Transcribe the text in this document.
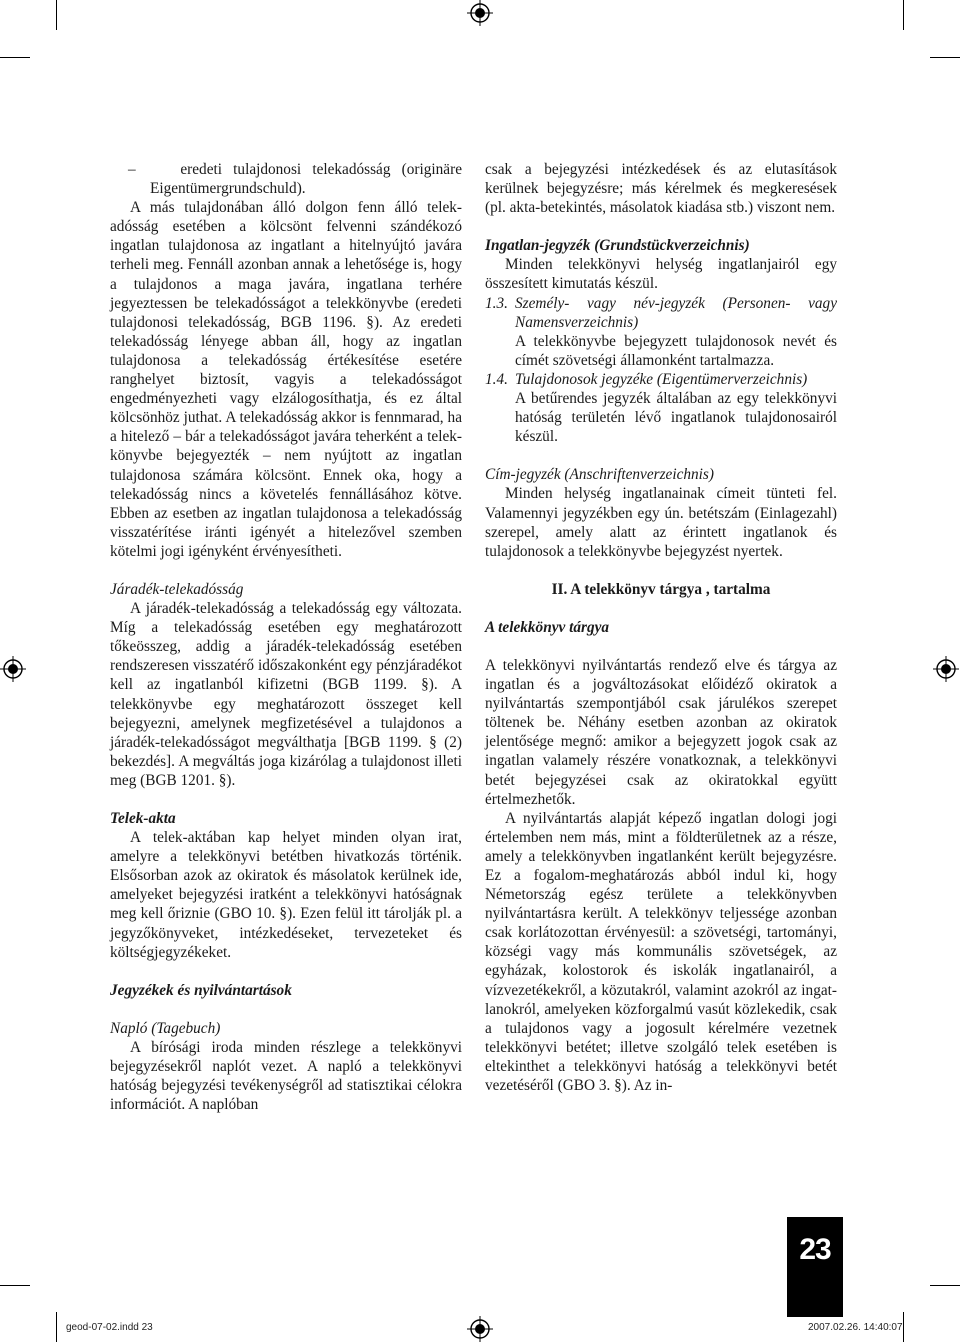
–    eredeti tulajdonosi telekadósság (originäre Eigentümergrundschuld).

A más tulajdonában álló dolgon fenn álló telekadósság esetében a kölcsönt felvenni szándékozó ingatlan tulajdonosa az ingatlant a hitelnyújtó javára terheli meg. Fennáll azonban annak a lehetősége is, hogy a tulajdonos a maga javára, ingatlana terhére jegyeztessen be telekadósságot a telekkönyvbe (eredeti tulajdonosi telekadósság, BGB 1196. §). Az eredeti telekadósság lényege abban áll, hogy az ingatlan tulajdonosa a telekadósság értékesítése esetére ranghelyet biztosít, vagyis a telekadósságot engedményezheti vagy elzálogosíthatja, és ez által kölcsönhöz juthat. A telekadósság akkor is fennmarad, ha a hitelező – bár a telekadósságot javára teherként a telekkönyvbe bejegyezték – nem nyújtott az ingatlan tulajdonosa számára kölcsönt. Ennek oka, hogy a telekadósság nincs a követelés fennállásához kötve. Ebben az esetben az ingatlan tulajdonosa a telekadósság visszatérítése iránti igényét a hitelezővel szemben kötelmi jogi igényként érvényesítheti.

Járadék-telekadósság

A járadék-telekadósság a telekadósság egy változata. Míg a telekadósság esetében egy meghatározott tőkeösszeg, addig a járadék-telekadósság esetében rendszeresen visszatérő időszakonként egy pénzjáradékot kell az ingatlanból kifizetni (BGB 1199. §). A telekkönyvbe egy meghatározott összeget kell bejegyezni, amelynek megfizetésével a tulajdonos a járadék-telekadósságot megválthatja [BGB 1199. § (2) bekezdés]. A megváltás joga kizárólag a tulajdonost illeti meg (BGB 1201. §).

Telek-akta

A telek-aktában kap helyet minden olyan irat, amelyre a telekkönyvi betétben hivatkozás történik. Elsősorban azok az okiratok és másolatok kerülnek ide, amelyeket bejegyzési iratként a telekkönyvi hatóságnak meg kell őriznie (GBO 10. §). Ezen felül itt tárolják pl. a jegyzőkönyveket, intézkedéseket, tervezeteket és költségjegyzékeket.

Jegyzékek és nyilvántartások

Napló (Tagebuch)

A bírósági iroda minden részlege a telekkönyvi bejegyzésekről naplót vezet. A napló a telekkönyvi hatóság bejegyzési tevékenységről ad statisztikai célokra információt. A naplóban

csak a bejegyzési intézkedések és az elutasítások kerülnek bejegyzésre; más kérelmek és megkeresések (pl. akta-betekintés, másolatok kiadása stb.) viszont nem.

Ingatlan-jegyzék (Grundstückverzeichnis)

Minden telekkönyvi helység ingatlanjairól egy összesített kimutatás készül.

1.3. Személy- vagy név-jegyzék (Personen- vagy Namensverzeichnis)

A telekkönyvbe bejegyzett tulajdonosok nevét és címét szövetségi államonként tartalmazza.

1.4. Tulajdonosok jegyzéke (Eigentümerverzeichnis)

A betűrendes jegyzék általában az egy telekkönyvi hatóság területén lévő ingatlanok tulajdonosairól készül.

Cím-jegyzék (Anschriftenverzeichnis)

Minden helység ingatlanainak címeit tünteti fel. Valamennyi jegyzékben egy ún. betétszám (Einlagezahl) szerepel, amely alatt az érintett ingatlanok és tulajdonosok a telekkönyvbe bejegyzést nyertek.

II. A telekkönyv tárgya , tartalma

A telekkönyv tárgya

A telekkönyvi nyilvántartás rendező elve és tárgya az ingatlan és a jogváltozásokat előidéző okiratok a nyilvántartás szempontjából csak járulékos szerepet töltenek be. Néhány esetben azonban az okiratok jelentősége megnő: amikor a bejegyzett jogok csak az ingatlan valamely részére vonatkoznak, a telekkönyvi betét bejegyzései csak az okiratokkal együtt értelmezhetők.

A nyilvántartás alapját képező ingatlan dologi jogi értelemben nem más, mint a földterületnek az a része, amely a telekkönyvben ingatlanként került bejegyzésre. Ez a fogalom-meghatározás abból indul ki, hogy Németország egész területe a telekkönyvben nyilvántartásra került. A telekkönyv teljessége azonban csak korlátozottan érvényesül: a szövetségi, tartományi, községi vagy más kommunális szövetségek, az egyházak, kolostorok és iskolák ingatlanairól, a vízvezetékekről, a közutakról, valamint azokról az ingatlanokról, amelyeken közforgalmú vasút közlekedik, csak a tulajdonos vagy a jogosult kérelmére vezetnek telekkönyvi betétet; illetve szolgáló telek esetében is eltekinthet a telekkönyvi hatóság a telekkönyvi betét vezetéséről (GBO 3. §). Az in-

23
geod-07-02.indd 23	2007.02.26. 14:40:07
